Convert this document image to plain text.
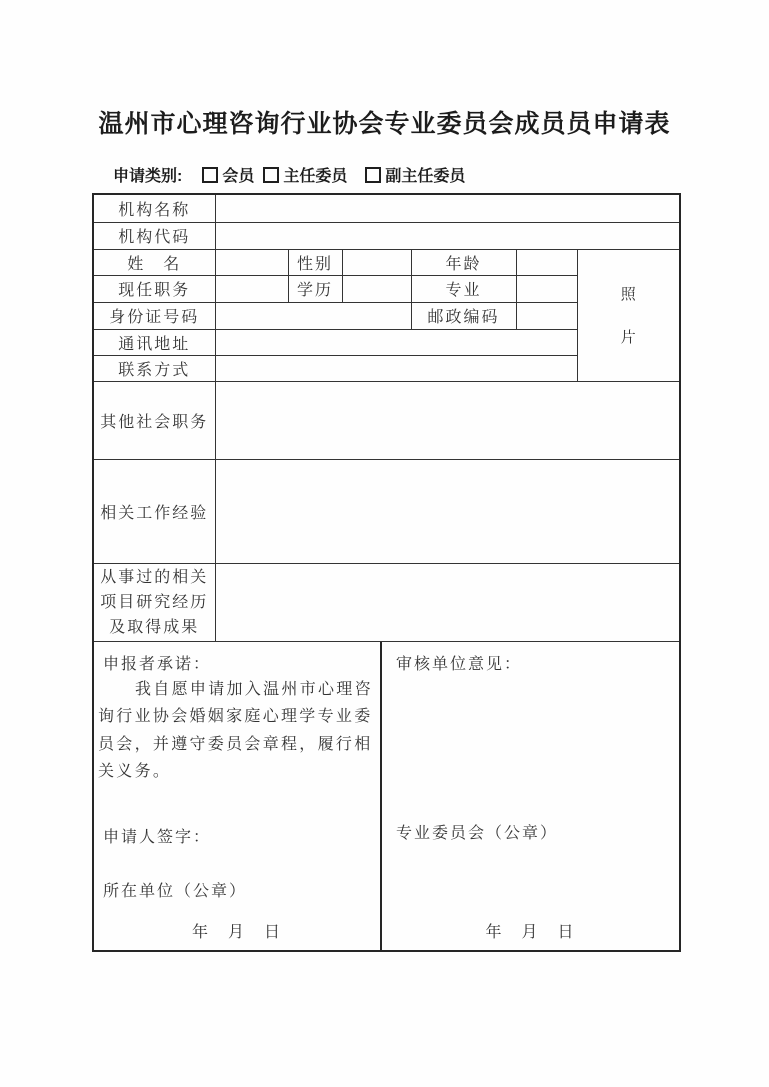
温州市心理咨询行业协会专业委员会成员员申请表
申请类别:	会员 主任委员 副主任委员
机构名称						
机构代码						
姓　名		性别		年龄		照
片

现任职务		学历		专业		
身份证号码				邮政编码		
通讯地址						
联系方式						
其他社会职务						
相关工作经验						

从事过的相关
项目研究经历
及取得成果						

申报者承诺：

我自愿申请加入温州市心理咨询行业协会婚姻家庭心理学专业委员会，并遵守委员会章程，履行相关义务。

申请人签字：

所在单位（公章）

年　月　日

审核单位意见：

专业委员会（公章）

年　月　日
